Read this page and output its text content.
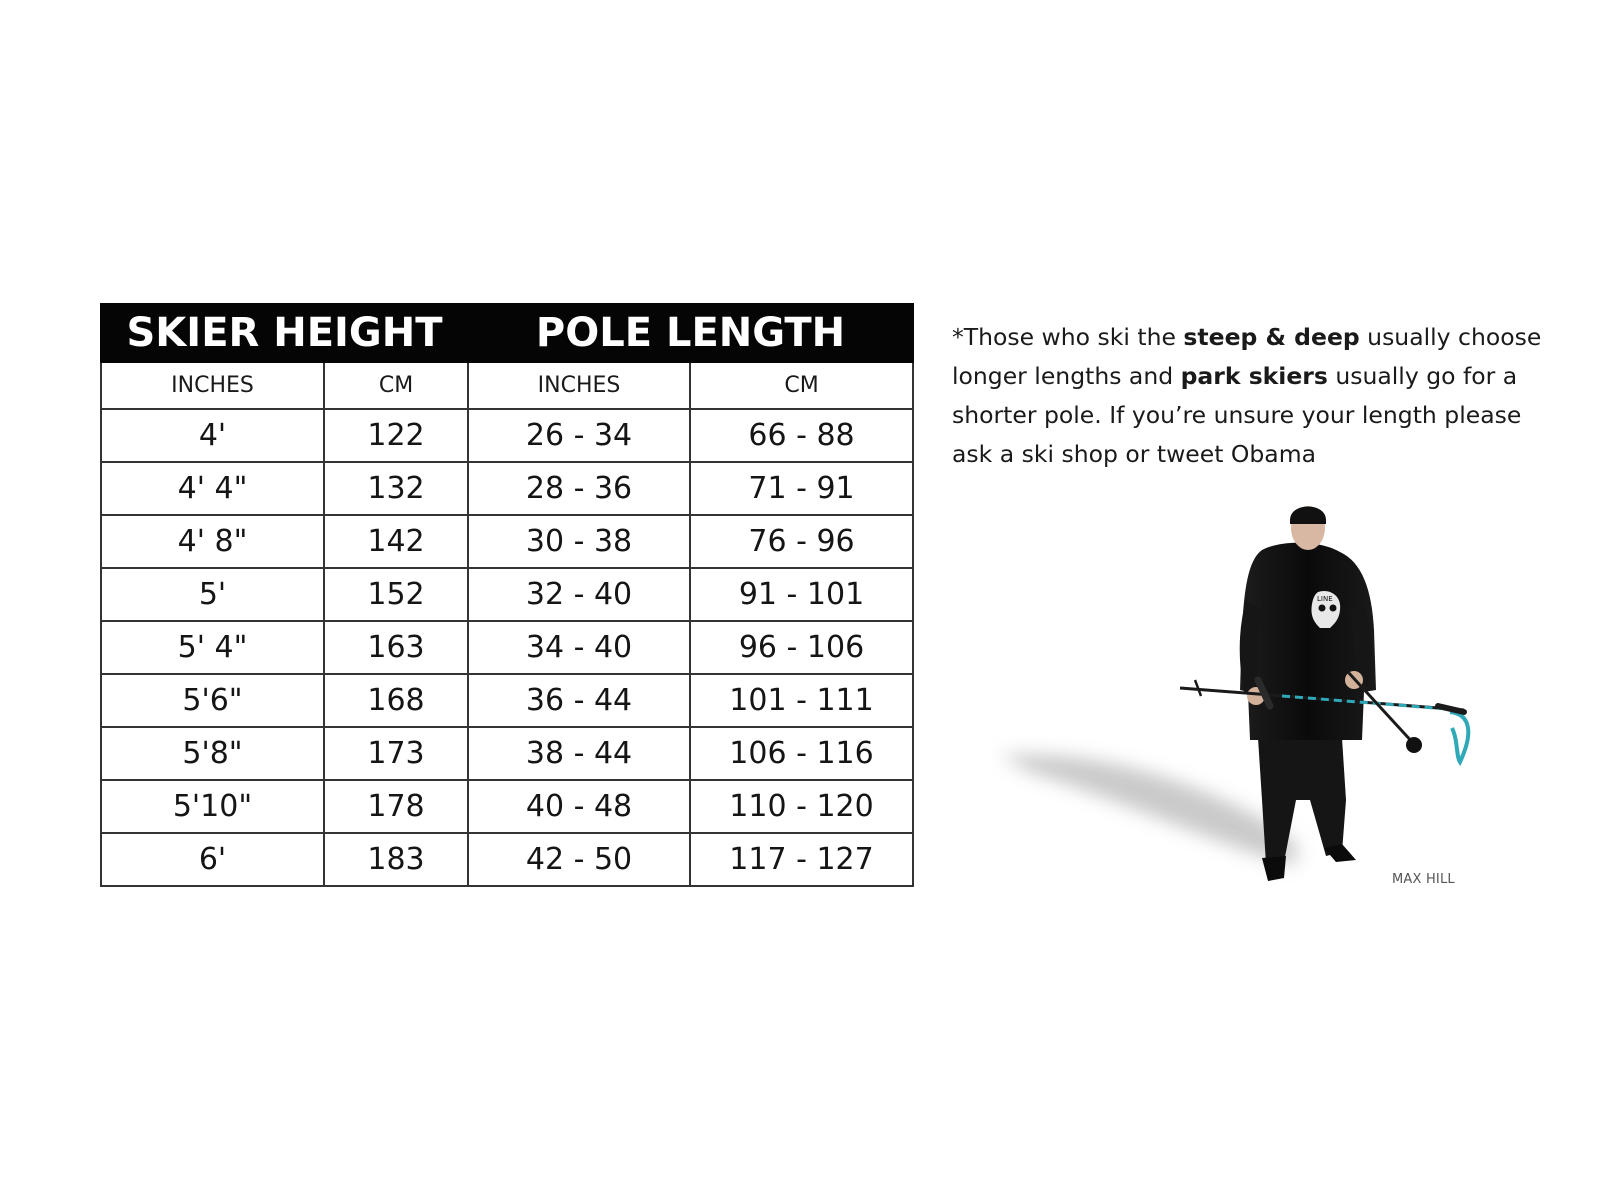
SKIER HEIGHT		POLE LENGTH	
INCHES	CM	INCHES	CM
4'	122	26 - 34	66 - 88
4' 4"	132	28 - 36	71 - 91
4' 8"	142	30 - 38	76 - 96
5'	152	32 - 40	91 - 101
5' 4"	163	34 - 40	96 - 106
5'6"	168	36 - 44	101 - 111
5'8"	173	38 - 44	106 - 116
5'10"	178	40 - 48	110 - 120
6'	183	42 - 50	117 - 127

*Those who ski the steep & deep usually choose longer lengths and park skiers usually go for a shorter pole. If you’re unsure your length please ask a ski shop or tweet Obama

LINE
MAX HILL
